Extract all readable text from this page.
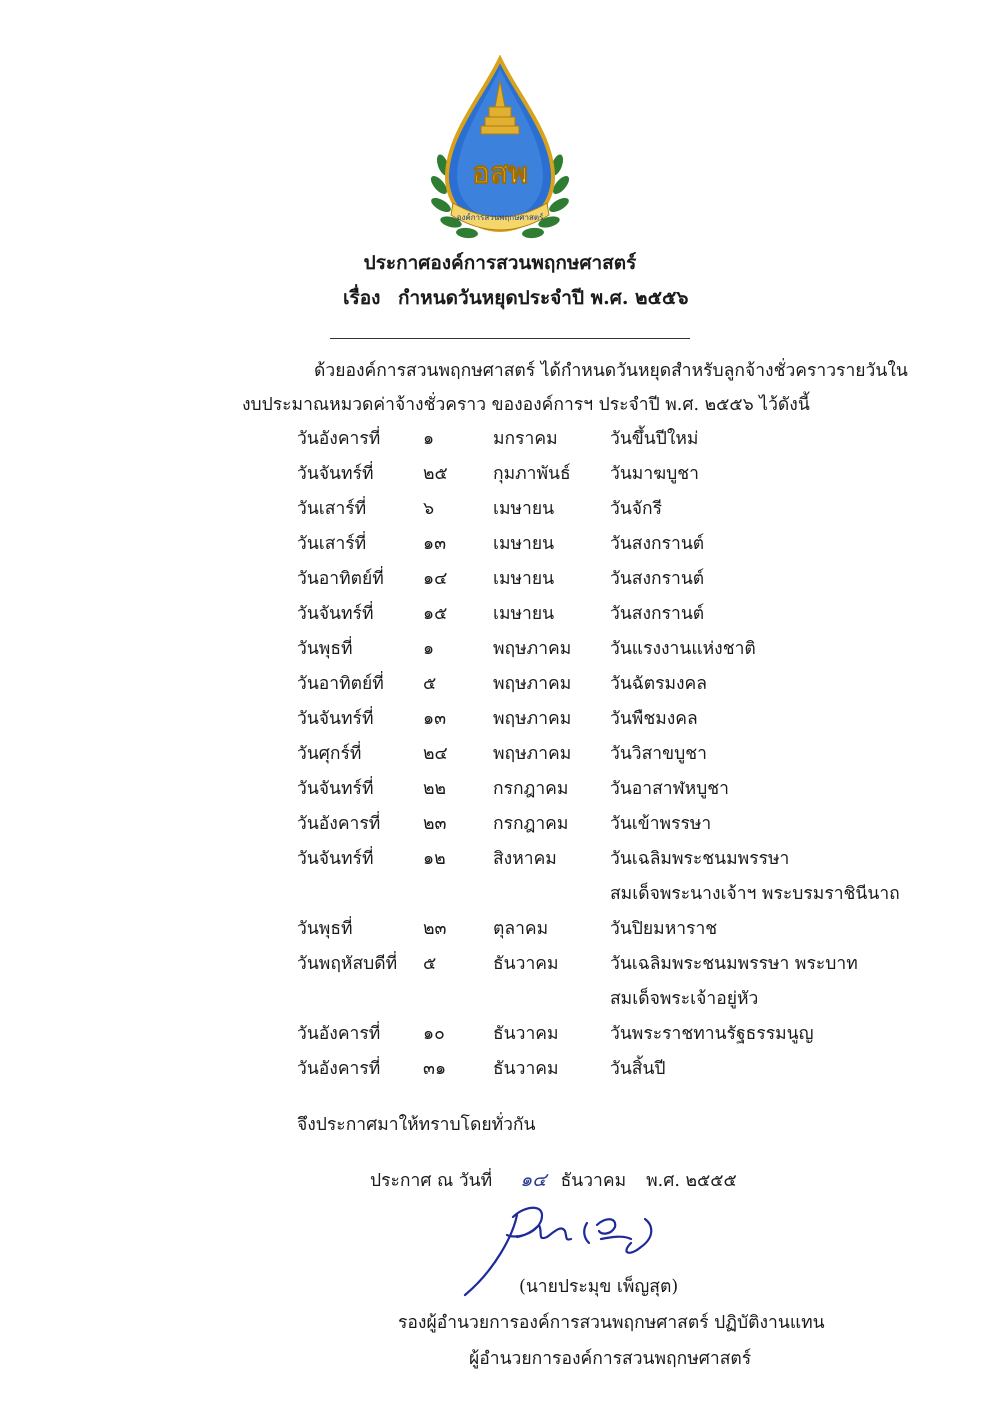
อสพ
องค์การสวนพฤกษศาสตร์
ประกาศองค์การสวนพฤกษศาสตร์
เรื่อง กำหนดวันหยุดประจำปี พ.ศ. ๒๕๕๖
ด้วยองค์การสวนพฤกษศาสตร์ ได้กำหนดวันหยุดสำหรับลูกจ้างชั่วคราวรายวันใน
งบประมาณหมวดค่าจ้างชั่วคราว ขององค์การฯ ประจำปี พ.ศ. ๒๕๕๖ ไว้ดังนี้
วันอังคารที่ ๑	มกราคม	วันขึ้นปีใหม่
วันจันทร์ที่	๒๕	กุมภาพันธ์ วันมาฆบูชา
วันเสาร์ที่	๖	เมษายน	วันจักรี
วันเสาร์ที่	๑๓	เมษายน	วันสงกรานต์
วันอาทิตย์ที่ ๑๔	เมษายน	วันสงกรานต์
วันจันทร์ที่	๑๕	เมษายน	วันสงกรานต์
วันพุธที่	๑	พฤษภาคม วันแรงงานแห่งชาติ
วันอาทิตย์ที่ ๕	พฤษภาคม วันฉัตรมงคล
วันจันทร์ที่	๑๓	พฤษภาคม วันพืชมงคล
วันศุกร์ที่	๒๔	พฤษภาคม วันวิสาขบูชา
วันจันทร์ที่	๒๒	กรกฎาคม วันอาสาฬหบูชา
วันอังคารที่ ๒๓	กรกฎาคม วันเข้าพรรษา
วันจันทร์ที่	๑๒	สิงหาคม	วันเฉลิมพระชนมพรรษา
สมเด็จพระนางเจ้าฯ พระบรมราชินีนาถ
วันพุธที่	๒๓	ตุลาคม	วันปิยมหาราช
วันพฤหัสบดีที่ ๕	ธันวาคม	วันเฉลิมพระชนมพรรษา พระบาท
สมเด็จพระเจ้าอยู่หัว
วันอังคารที่ ๑๐	ธันวาคม	วันพระราชทานรัฐธรรมนูญ
วันอังคารที่ ๓๑	ธันวาคม	วันสิ้นปี
จึงประกาศมาให้ทราบโดยทั่วกัน
ประกาศ ณ วันที่ ๑๔ ธันวาคม พ.ศ. ๒๕๕๕
(นายประมุข เพ็ญสุต)
รองผู้อำนวยการองค์การสวนพฤกษศาสตร์ ปฏิบัติงานแทน
ผู้อำนวยการองค์การสวนพฤกษศาสตร์
